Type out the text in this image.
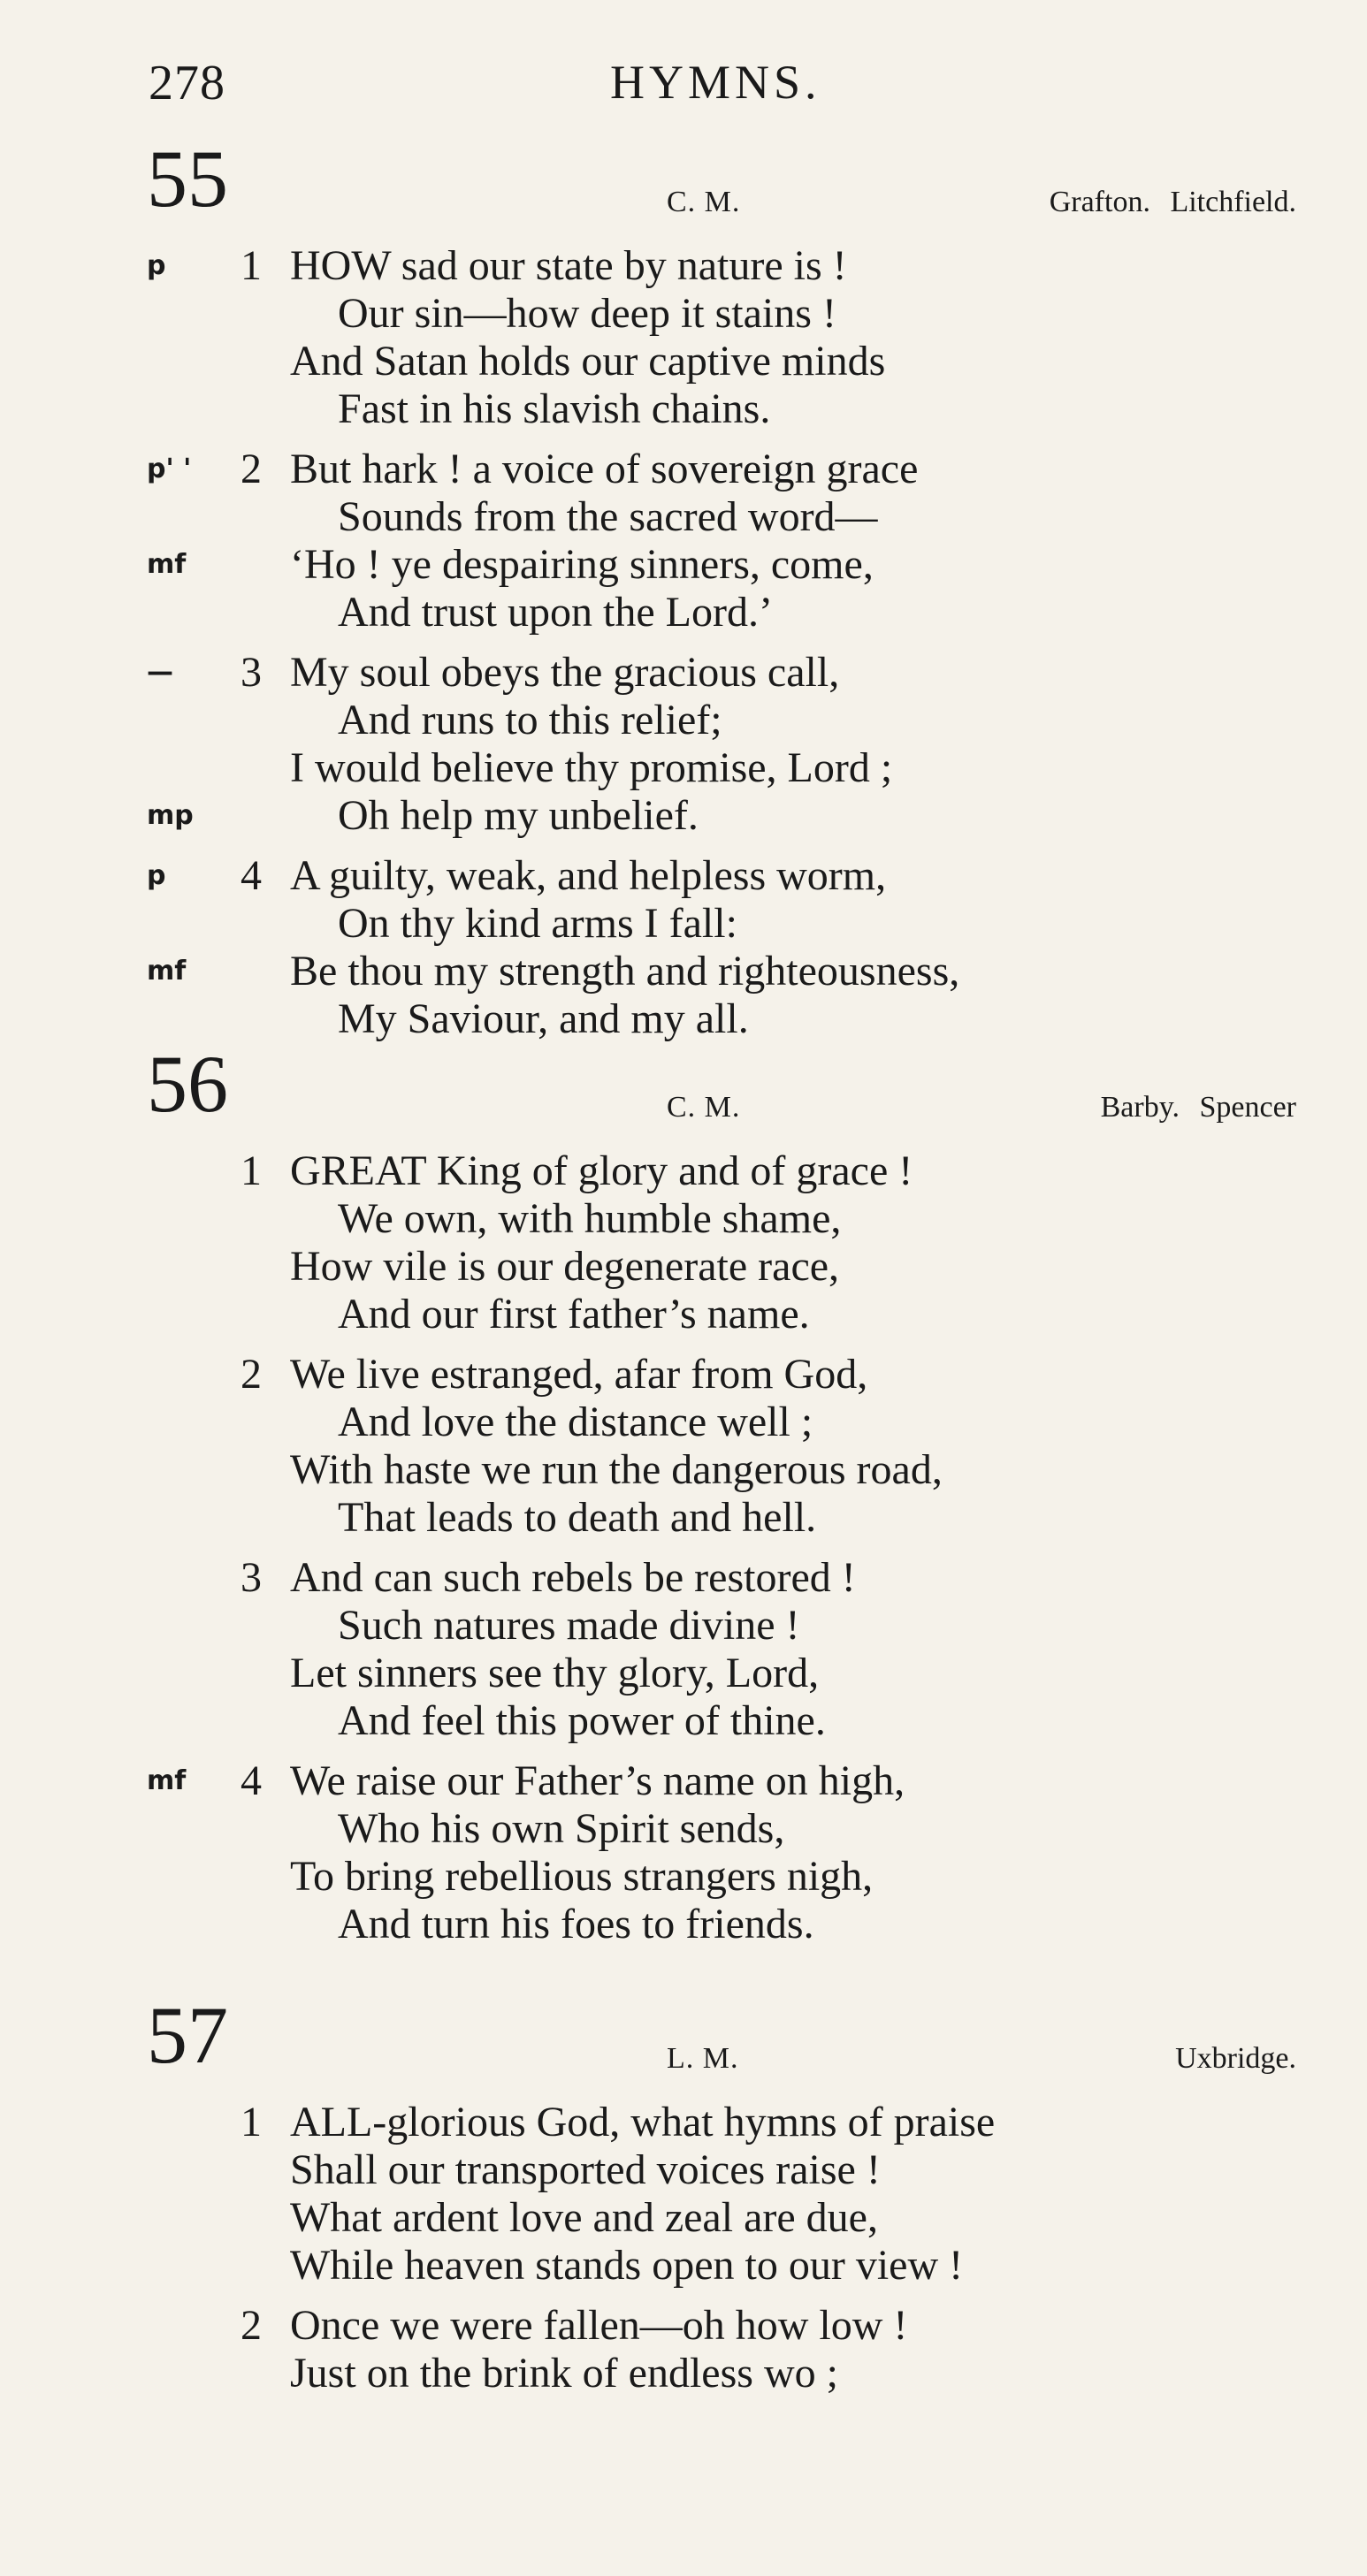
278	HYMNS.
55	C. M.	Grafton. Litchfield.
p 1 HOW sad our state by nature is !
Our sin—how deep it stains !
And Satan holds our captive minds
Fast in his slavish chains.
p' ' 2 But hark ! a voice of sovereign grace
Sounds from the sacred word—
mf ‘Ho ! ye despairing sinners, come,
And trust upon the Lord.’
— 3 My soul obeys the gracious call,
And runs to this relief;
I would believe thy promise, Lord ;
mp	Oh help my unbelief.
p 4 A guilty, weak, and helpless worm,
On thy kind arms I fall:
mf Be thou my strength and righteousness,
My Saviour, and my all.
56	C. M.	Barby. Spencer
1 GREAT King of glory and of grace !
We own, with humble shame,
How vile is our degenerate race,
And our first father’s name.
2 We live estranged, afar from God,
And love the distance well ;
With haste we run the dangerous road,
That leads to death and hell.
3 And can such rebels be restored !
Such natures made divine !
Let sinners see thy glory, Lord,
And feel this power of thine.
mf 4 We raise our Father’s name on high,
Who his own Spirit sends,
To bring rebellious strangers nigh,
And turn his foes to friends.
57	L. M.	Uxbridge.
1 ALL-glorious God, what hymns of praise
Shall our transported voices raise !
What ardent love and zeal are due,
While heaven stands open to our view !
2 Once we were fallen—oh how low !
Just on the brink of endless wo ;
